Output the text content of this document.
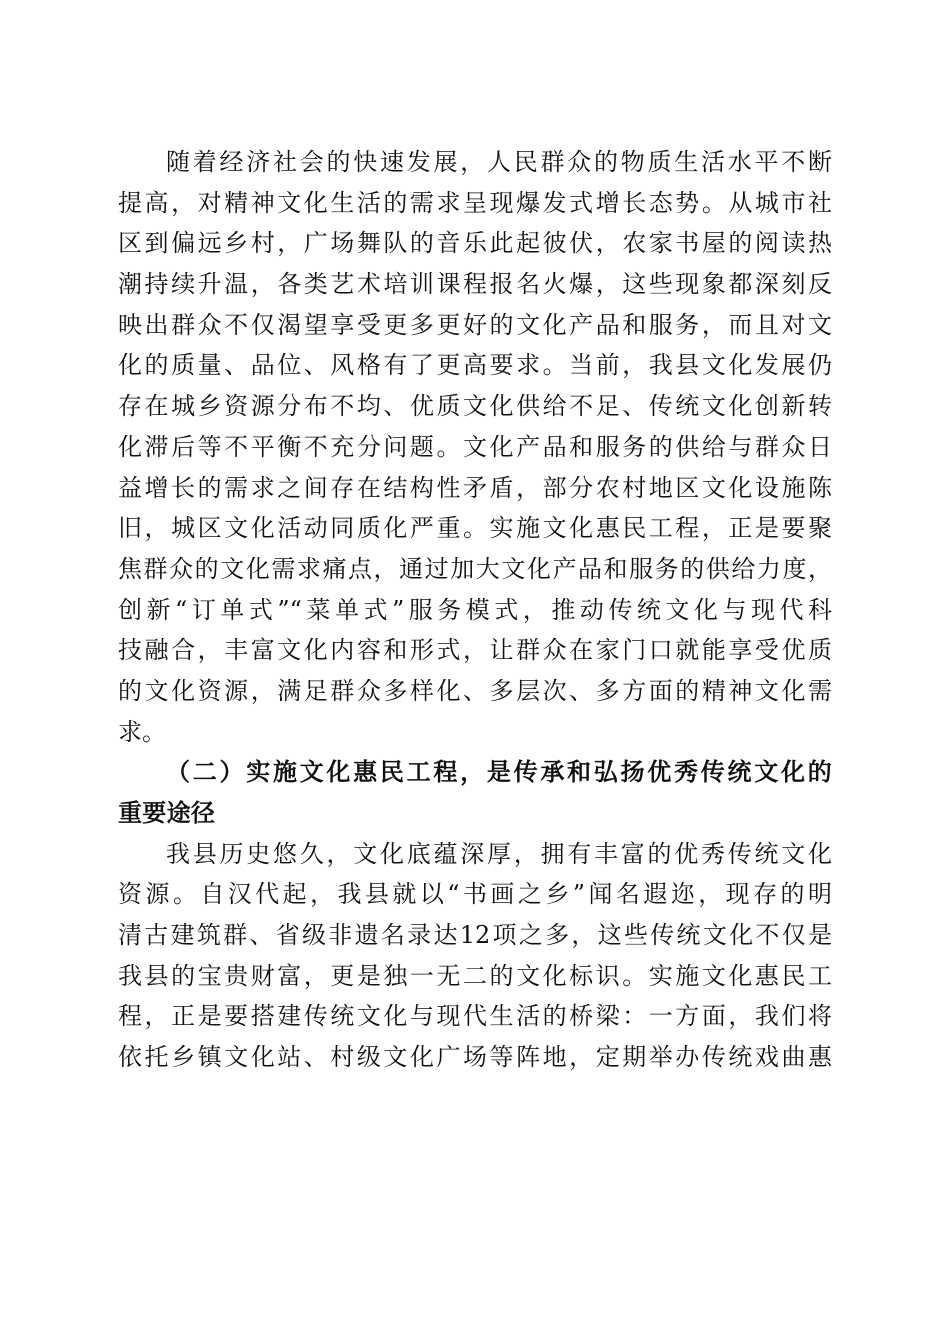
随着经济社会的快速发展，人民群众的物质生活水平不断
提高，对精神文化生活的需求呈现爆发式增长态势。从城市社
区到偏远乡村，广场舞队的音乐此起彼伏，农家书屋的阅读热
潮持续升温，各类艺术培训课程报名火爆，这些现象都深刻反
映出群众不仅渴望享受更多更好的文化产品和服务，而且对文
化的质量、品位、风格有了更高要求。当前，我县文化发展仍
存在城乡资源分布不均、优质文化供给不足、传统文化创新转
化滞后等不平衡不充分问题。文化产品和服务的供给与群众日
益增长的需求之间存在结构性矛盾，部分农村地区文化设施陈
旧，城区文化活动同质化严重。实施文化惠民工程，正是要聚
焦群众的文化需求痛点，通过加大文化产品和服务的供给力度，
创新“订单式”“菜单式”服务模式，推动传统文化与现代科
技融合，丰富文化内容和形式，让群众在家门口就能享受优质
的文化资源，满足群众多样化、多层次、多方面的精神文化需
求。
（二）实施文化惠民工程，是传承和弘扬优秀传统文化的
重要途径
我县历史悠久，文化底蕴深厚，拥有丰富的优秀传统文化
资源。自汉代起，我县就以“书画之乡”闻名遐迩，现存的明
清古建筑群、省级非遗名录达12项之多，这些传统文化不仅是
我县的宝贵财富，更是独一无二的文化标识。实施文化惠民工
程，正是要搭建传统文化与现代生活的桥梁：一方面，我们将
依托乡镇文化站、村级文化广场等阵地，定期举办传统戏曲惠
